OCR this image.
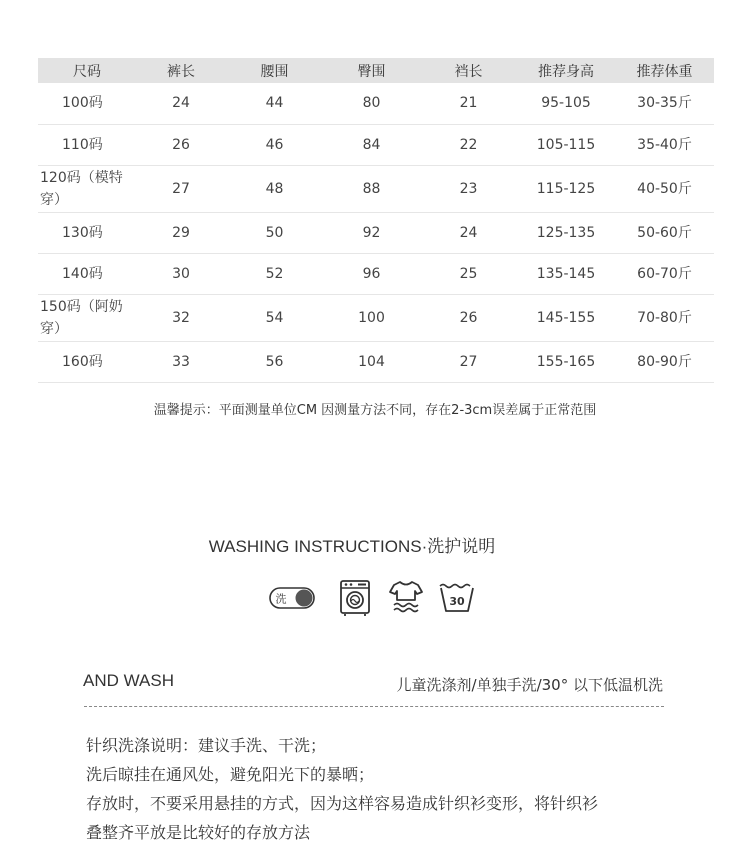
尺码	裤长	腰围	臀围	裆长	推荐身高	推荐体重
100码	24	44	80	21	95-105	30-35斤
110码	26	46	84	22	105-115	35-40斤
120码（模特穿）	27	48	88	23	115-125	40-50斤
130码	29	50	92	24	125-135	50-60斤
140码	30	52	96	25	135-145	60-70斤
150码（阿奶穿）	32	54	100	26	145-155	70-80斤
160码	33	56	104	27	155-165	80-90斤
温馨提示：平面测量单位CM 因测量方法不同，存在2-3cm误差属于正常范围
WASHING INSTRUCTIONS·洗护说明
洗	30
AND WASH	儿童洗涤剂/单独手洗/30° 以下低温机洗
针织洗涤说明：建议手洗、干洗；
洗后晾挂在通风处，避免阳光下的暴晒；
存放时，不要采用悬挂的方式，因为这样容易造成针织衫变形，将针织衫
叠整齐平放是比较好的存放方法
